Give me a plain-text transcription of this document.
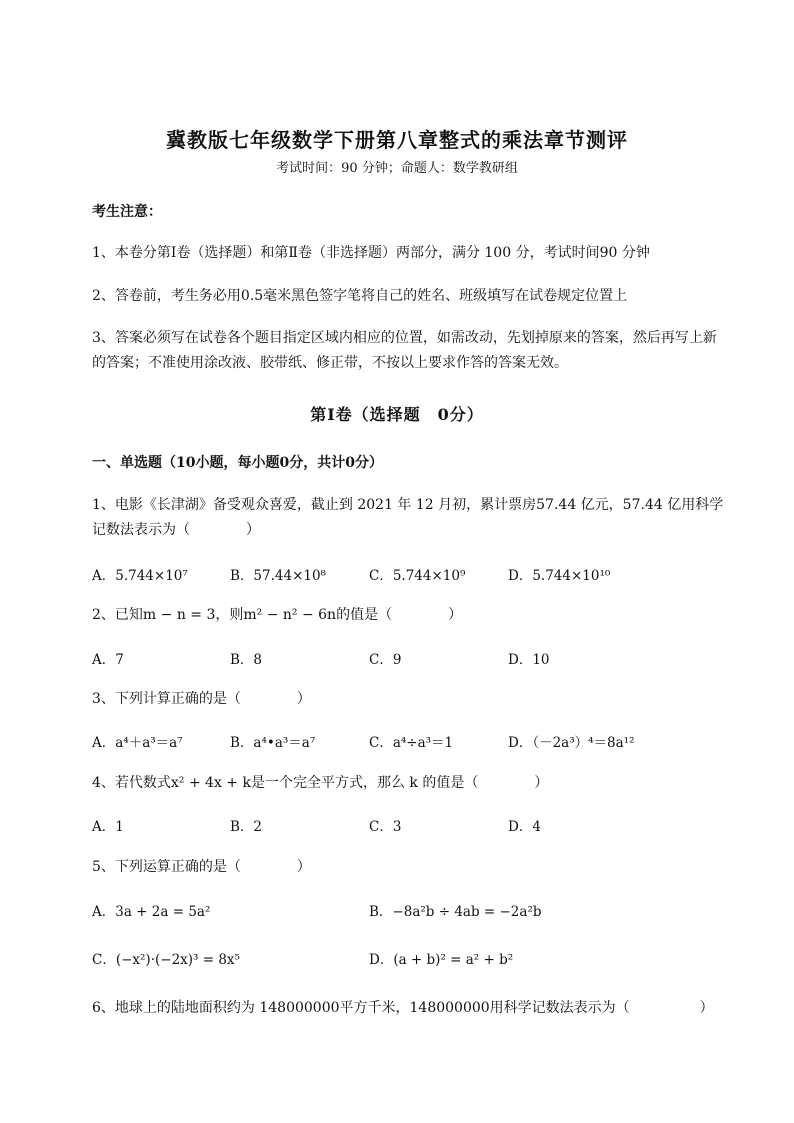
冀教版七年级数学下册第八章整式的乘法章节测评
考试时间：90 分钟；命题人：数学教研组
考生注意：
1、本卷分第Ⅰ卷（选择题）和第Ⅱ卷（非选择题）两部分，满分 100 分，考试时间90 分钟
2、答卷前，考生务必用0.5毫米黑色签字笔将自己的姓名、班级填写在试卷规定位置上
3、答案必须写在试卷各个题目指定区域内相应的位置，如需改动，先划掉原来的答案，然后再写上新
的答案；不准使用涂改液、胶带纸、修正带，不按以上要求作答的答案无效。
第Ⅰ卷（选择题　0分）
一、单选题（10小题，每小题0分，共计0分）
1、电影《长津湖》备受观众喜爱，截止到 2021 年 12 月初，累计票房57.44 亿元，57.44 亿用科学
记数法表示为（　　　　）
A．5.744×10⁷	B．57.44×10⁸	C．5.744×10⁹	D．5.744×10¹⁰
2、已知m − n = 3，则m² − n² − 6n的值是（　　　　）
A．7	B．8	C．9	D．10
3、下列计算正确的是（　　　　）
A．a⁴＋a³＝a⁷	B．a⁴•a³＝a⁷	C．a⁴÷a³＝1	D．（－2a³）⁴＝8a¹²
4、若代数式x² + 4x + k是一个完全平方式，那么 k 的值是（　　　　）
A．1	B．2	C．3	D．4
5、下列运算正确的是（　　　　）
A．3a + 2a = 5a²	B．−8a²b ÷ 4ab = −2a²b
C．(−x²)·(−2x)³ = 8x⁵	D．(a + b)² = a² + b²
6、地球上的陆地面积约为 148000000平方千米，148000000用科学记数法表示为（　　　　　）
